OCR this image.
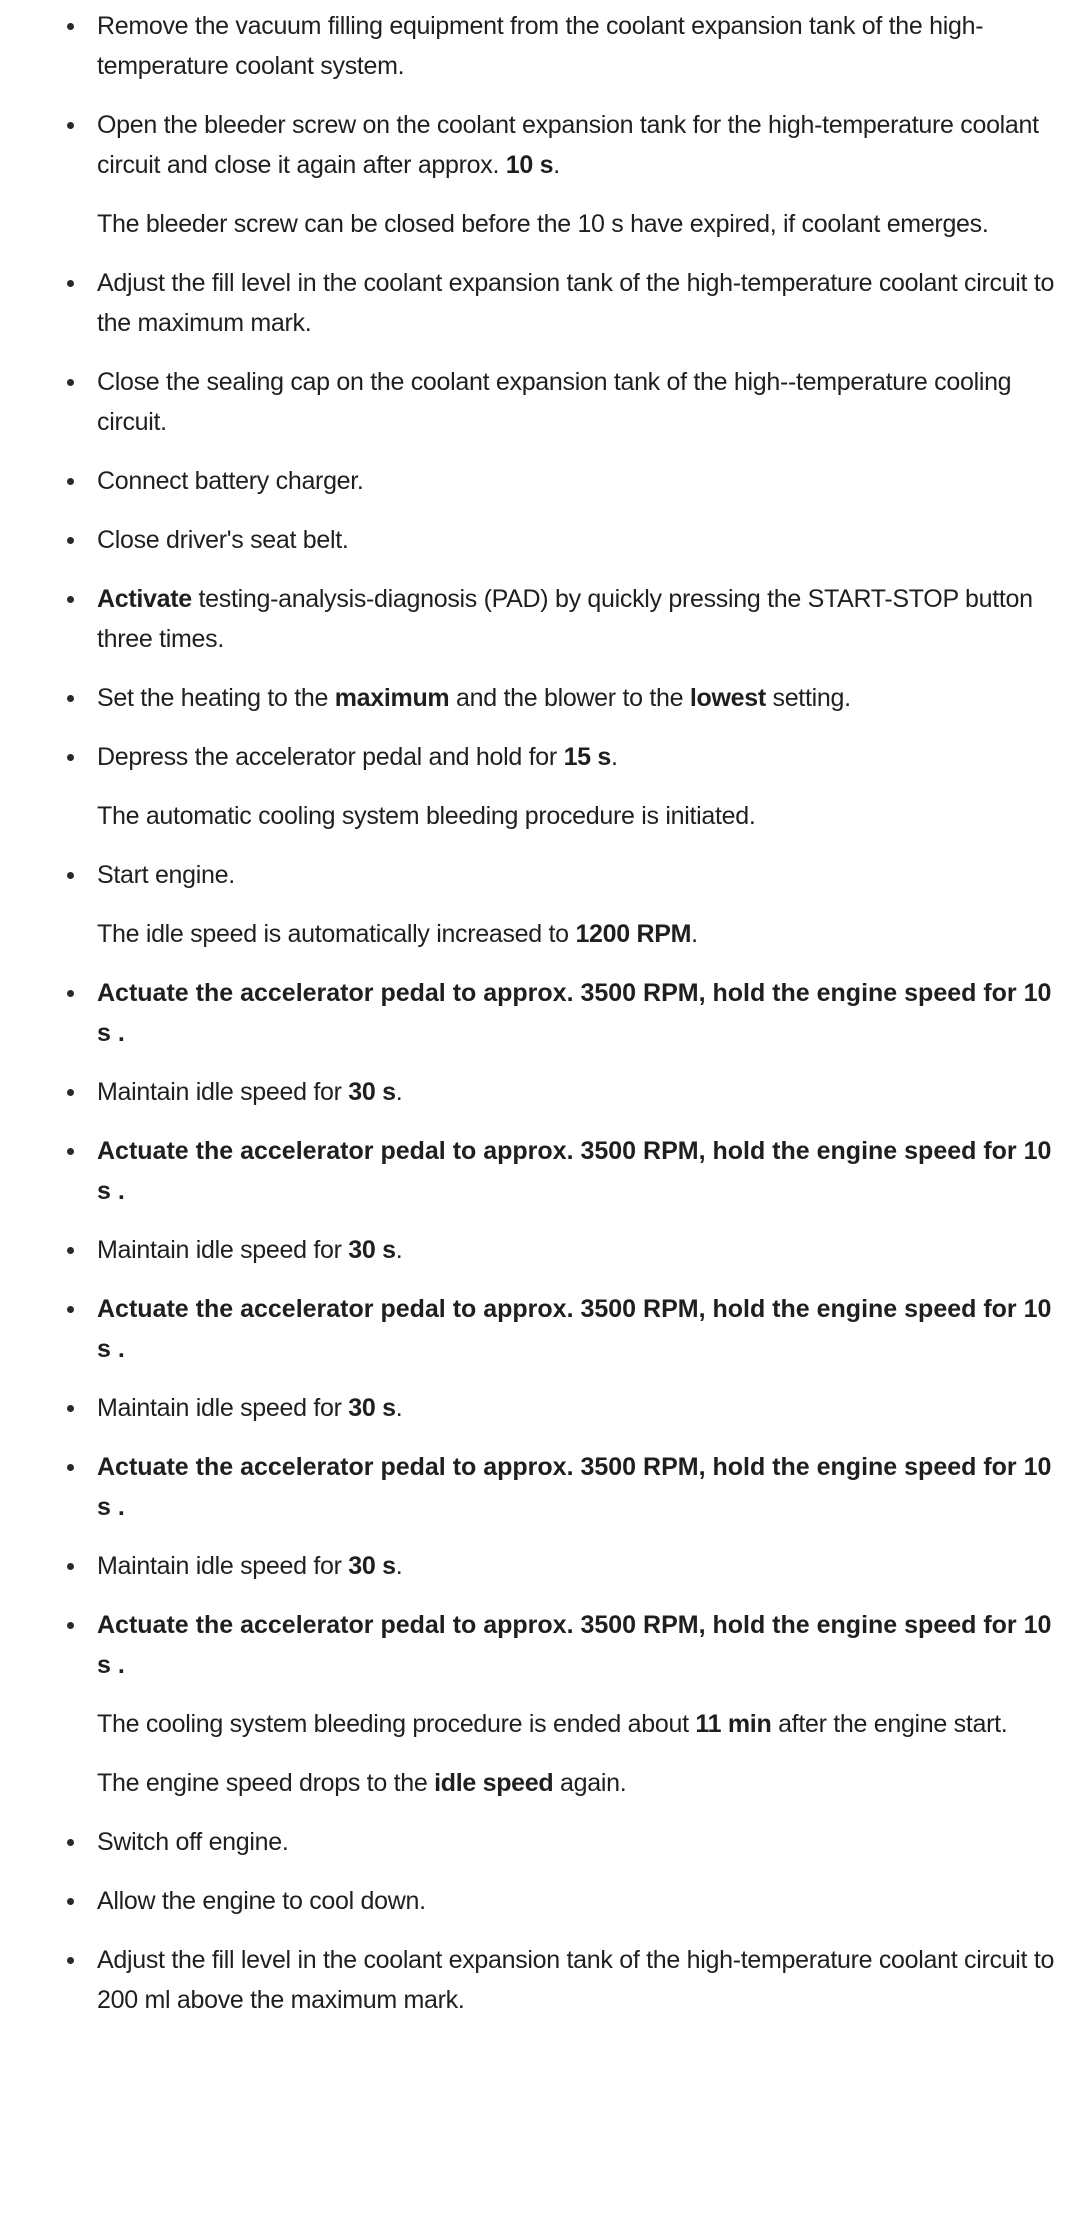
Remove the vacuum filling equipment from the coolant expansion tank of the high-temperature coolant system.
Open the bleeder screw on the coolant expansion tank for the high-temperature coolant circuit and close it again after approx. 10 s.
The bleeder screw can be closed before the 10 s have expired, if coolant emerges.
Adjust the fill level in the coolant expansion tank of the high-temperature coolant circuit to the maximum mark.
Close the sealing cap on the coolant expansion tank of the high--temperature cooling circuit.
Connect battery charger.
Close driver's seat belt.
Activate testing-analysis-diagnosis (PAD) by quickly pressing the START-STOP button three times.
Set the heating to the maximum and the blower to the lowest setting.
Depress the accelerator pedal and hold for 15 s.
The automatic cooling system bleeding procedure is initiated.
Start engine.
The idle speed is automatically increased to 1200 RPM.
Actuate the accelerator pedal to approx. 3500 RPM, hold the engine speed for 10 s .
Maintain idle speed for 30 s.
Actuate the accelerator pedal to approx. 3500 RPM, hold the engine speed for 10 s .
Maintain idle speed for 30 s.
Actuate the accelerator pedal to approx. 3500 RPM, hold the engine speed for 10 s .
Maintain idle speed for 30 s.
Actuate the accelerator pedal to approx. 3500 RPM, hold the engine speed for 10 s .
Maintain idle speed for 30 s.
Actuate the accelerator pedal to approx. 3500 RPM, hold the engine speed for 10 s .
The cooling system bleeding procedure is ended about 11 min after the engine start.
The engine speed drops to the idle speed again.
Switch off engine.
Allow the engine to cool down.
Adjust the fill level in the coolant expansion tank of the high-temperature coolant circuit to 200 ml above the maximum mark.
